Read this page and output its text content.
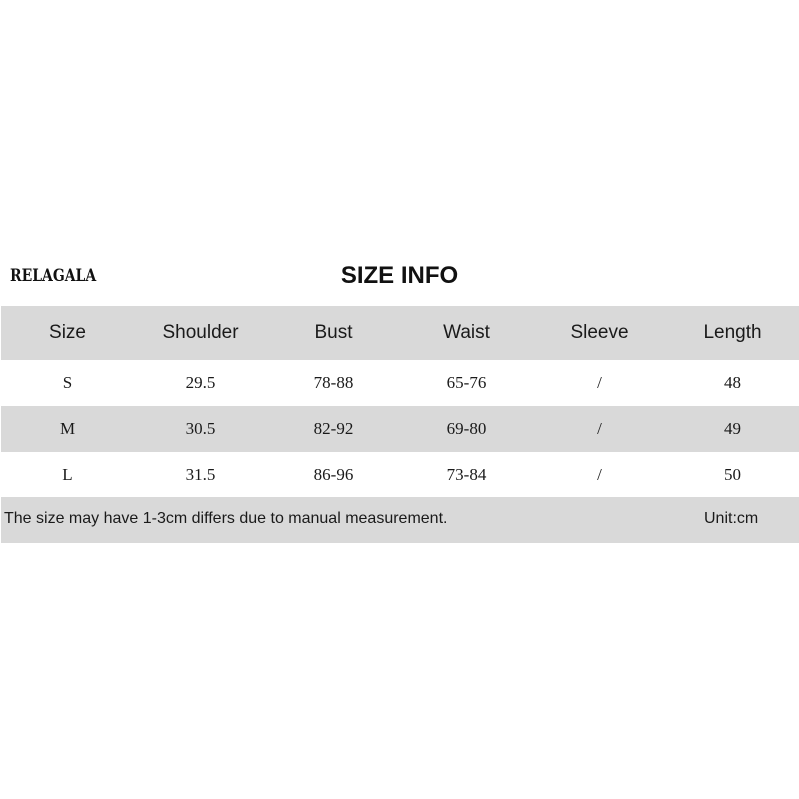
RELAGALA	SIZE INFO
Size	Shoulder	Bust	Waist	Sleeve	Length
S	29.5	78-88	65-76	/	48
M	30.5	82-92	69-80	/	49
L	31.5	86-96	73-84	/	50
The size may have 1-3cm differs due to manual measurement.	Unit:cm
